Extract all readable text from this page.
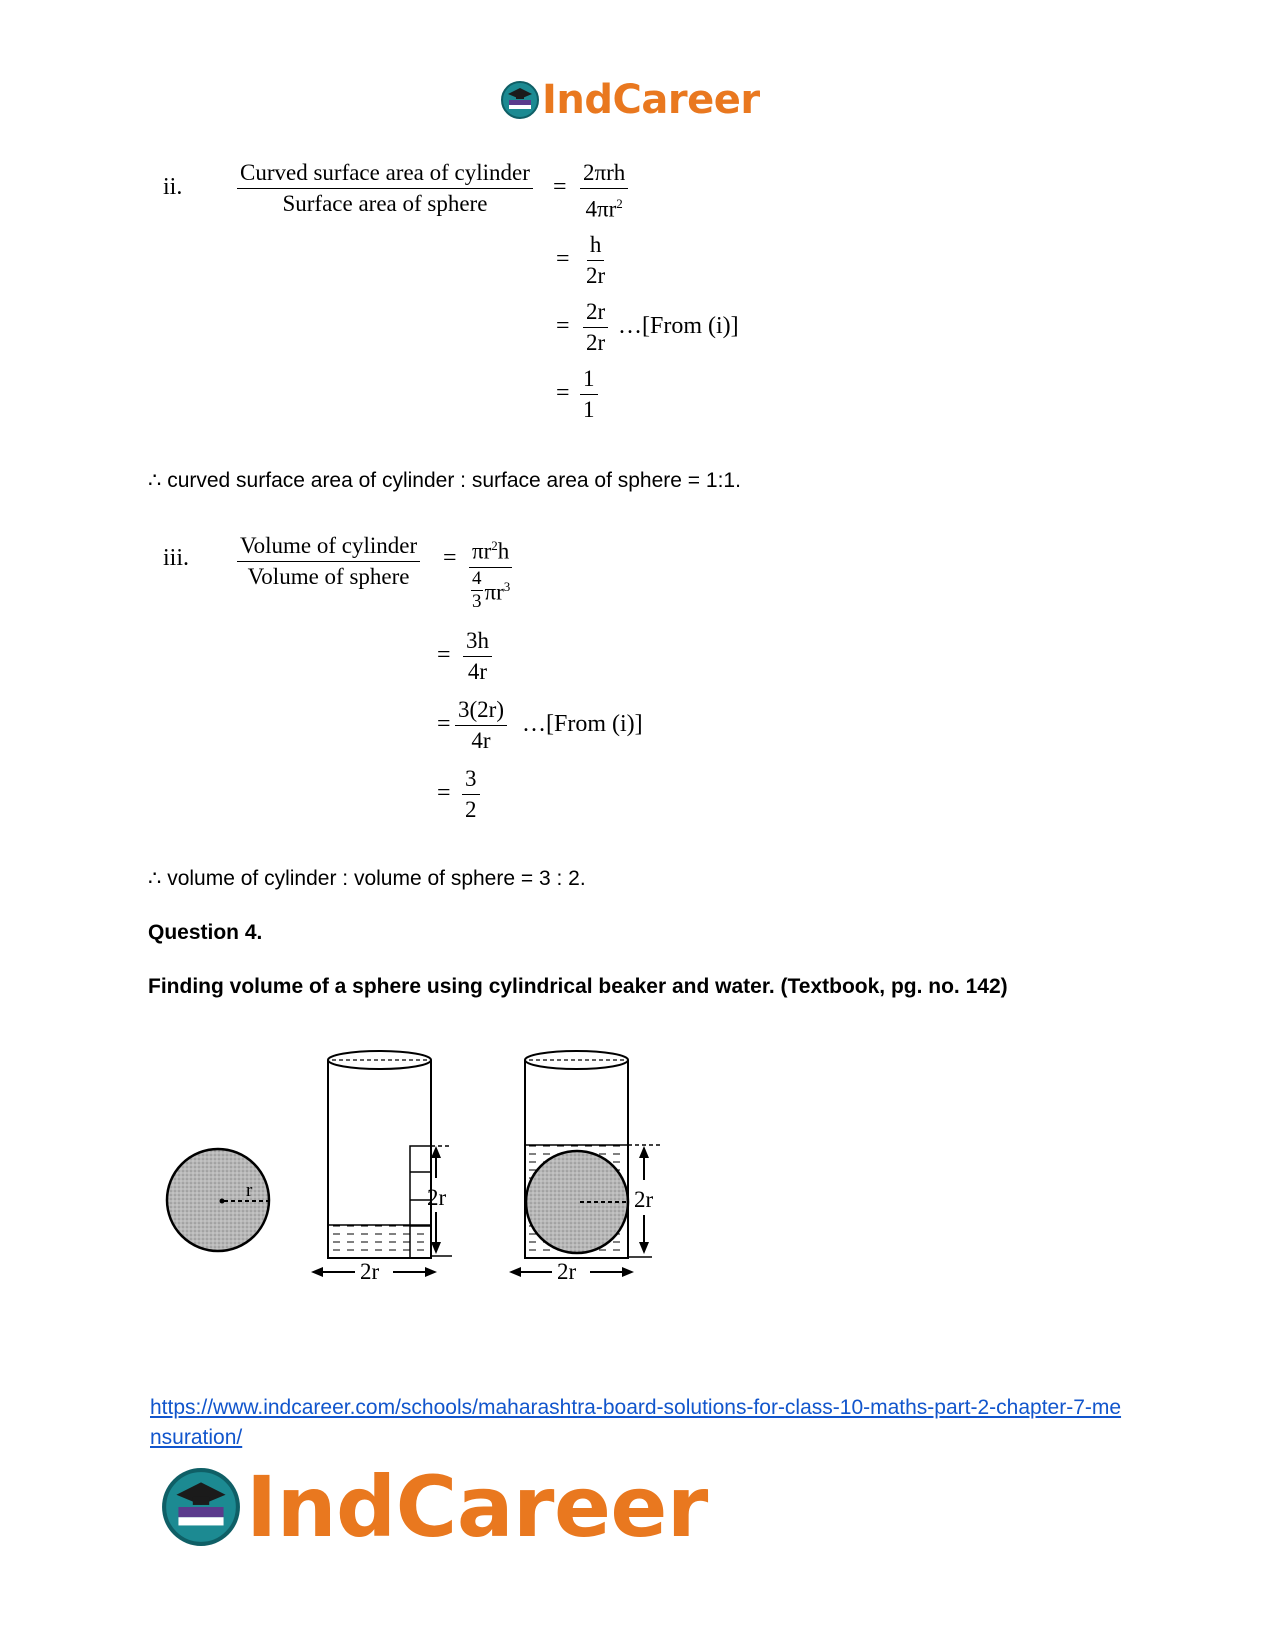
IndCareer
ii.
Curved surface area of cylinder
Surface area of sphere
=
2πrh
$4\pi r^2$
= $\frac{h}{2r}$
= $\frac{2r}{2r}$ …[From (i)]
= $\frac{1}{1}$
∴ curved surface area of cylinder : surface area of sphere = 1:1.
iii. Volume of cylinder
Volume of sphere
= $\pi r^2h$
4
3 $\pi r^3$
= $\frac{3h}{4r}$
= $\frac{3(2r)}{4r}$ …[From (i)]
= $\frac{3}{2}$
∴ volume of cylinder : volume of sphere = 3 : 2.
Question 4.
Finding volume of a sphere using cylindrical beaker and water. (Textbook, pg. no. 142)
r	2r
2r
2r
2r
https://www.indcareer.com/schools/maharashtra-board-solutions-for-class-10-maths-part-2-chapter-7-mensuration/
IndCareer
